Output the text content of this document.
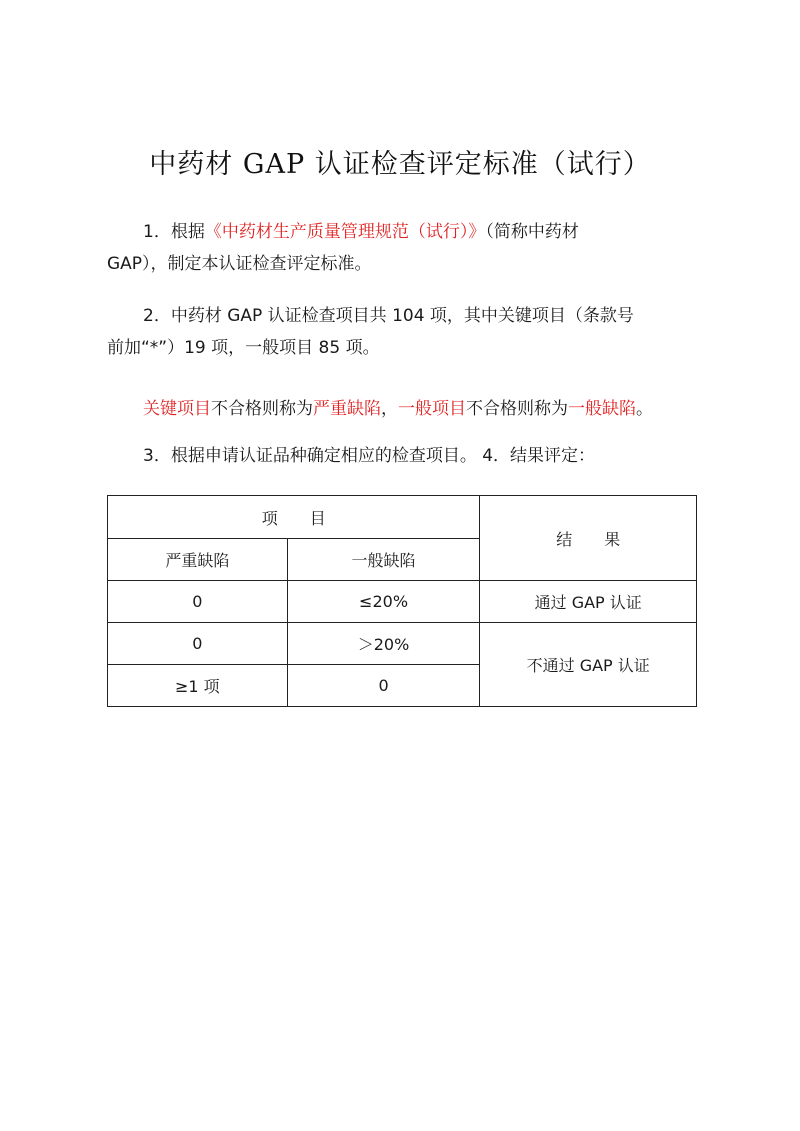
中药材 GAP 认证检查评定标准（试行）
1．根据《中药材生产质量管理规范（试行）》（简称中药材
GAP），制定本认证检查评定标准。
2．中药材 GAP 认证检查项目共 104 项，其中关键项目（条款号
前加“*”）19 项，一般项目 85 项。
关键项目不合格则称为严重缺陷，一般项目不合格则称为一般缺陷。
3．根据申请认证品种确定相应的检查项目。 4．结果评定：
项　　目		结　　果
严重缺陷	一般缺陷	
0	≤20%	通过 GAP 认证
0	＞20%	不通过 GAP 认证
≥1 项	0	
